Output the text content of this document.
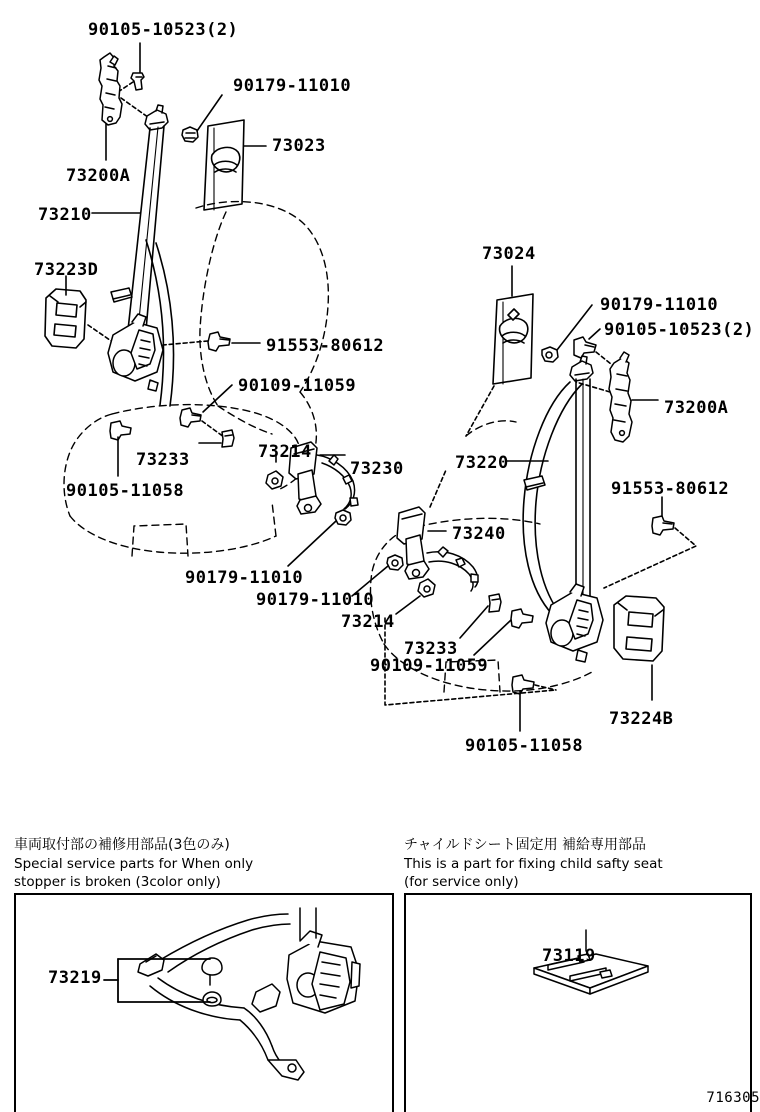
90105-10523(2)
90179-11010
73023
73200A
73210
73223D
91553-80612
90109-11059
73214
73233	73230
90105-11058
73024
90179-11010
90105-10523(2)
73200A
73220
91553-80612
73240
90179-11010
90179-11010
73214
73233
90109-11059
73224B
90105-11058
73219
73119
車両取付部の補修用部品(3色のみ)
Special service parts for When only
stopper is broken (3color only)
チャイルドシート固定用 補給専用部品
This is a part for fixing child safty seat
(for service only)
716305
